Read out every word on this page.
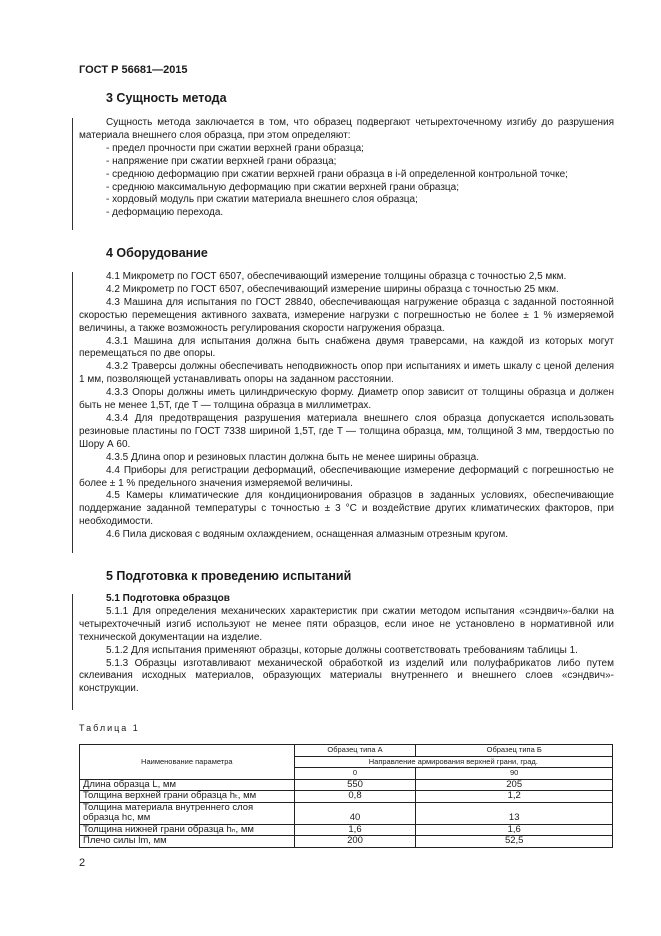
ГОСТ Р 56681—2015
3 Сущность метода

Сущность метода заключается в том, что образец подвергают четырехточечному изгибу до разрушения материала внешнего слоя образца, при этом определяют:

- предел прочности при сжатии верхней грани образца;

- напряжение при сжатии верхней грани образца;

- среднюю деформацию при сжатии верхней грани образца в i-й определенной контрольной точке;

- среднюю максимальную деформацию при сжатии верхней грани образца;

- хордовый модуль при сжатии материала внешнего слоя образца;

- деформацию перехода.

4 Оборудование

4.1 Микрометр по ГОСТ 6507, обеспечивающий измерение толщины образца с точностью 2,5 мкм.

4.2 Микрометр по ГОСТ 6507, обеспечивающий измерение ширины образца с точностью 25 мкм.

4.3 Машина для испытания по ГОСТ 28840, обеспечивающая нагружение образца с заданной постоянной скоростью перемещения активного захвата, измерение нагрузки с погрешностью не более ± 1 % измеряемой величины, а также возможность регулирования скорости нагружения образца.

4.3.1 Машина для испытания должна быть снабжена двумя траверсами, на каждой из которых могут перемещаться по две опоры.

4.3.2 Траверсы должны обеспечивать неподвижность опор при испытаниях и иметь шкалу с ценой деления 1 мм, позволяющей устанавливать опоры на заданном расстоянии.

4.3.3 Опоры должны иметь цилиндрическую форму. Диаметр опор зависит от толщины образца и должен быть не менее 1,5T, где T — толщина образца в миллиметрах.

4.3.4 Для предотвращения разрушения материала внешнего слоя образца допускается использовать резиновые пластины по ГОСТ 7338 шириной 1,5T, где T — толщина образца, мм, толщиной 3 мм, твердостью по Шору А 60.

4.3.5 Длина опор и резиновых пластин должна быть не менее ширины образца.

4.4 Приборы для регистрации деформаций, обеспечивающие измерение деформаций с погрешностью не более ± 1 % предельного значения измеряемой величины.

4.5 Камеры климатические для кондиционирования образцов в заданных условиях, обеспечивающие поддержание заданной температуры с точностью ± 3 °С и воздействие других климатических факторов, при необходимости.

4.6 Пила дисковая с водяным охлаждением, оснащенная алмазным отрезным кругом.

5 Подготовка к проведению испытаний

5.1 Подготовка образцов

5.1.1 Для определения механических характеристик при сжатии методом испытания «сэндвич»-балки на четырехточечный изгиб используют не менее пяти образцов, если иное не установлено в нормативной или технической документации на изделие.

5.1.2 Для испытания применяют образцы, которые должны соответствовать требованиям таблицы 1.

5.1.3 Образцы изготавливают механической обработкой из изделий или полуфабрикатов либо путем склеивания исходных материалов, образующих материалы внутреннего и внешнего слоев «сэндвич»-конструкции.

Таблица 1
Наименование параметра	Образец типа А	Образец типа Б
	Направление армирования верхней грани, град.	
	0	90
Длина образца L, мм	550	205
Толщина верхней грани образца hₜ, мм	0,8	1,2
Толщина материала внутреннего слоя образца hc, мм	40	13
Толщина нижней грани образца hₙ, мм	1,6	1,6
Плечо силы lm, мм	200	52,5
2
